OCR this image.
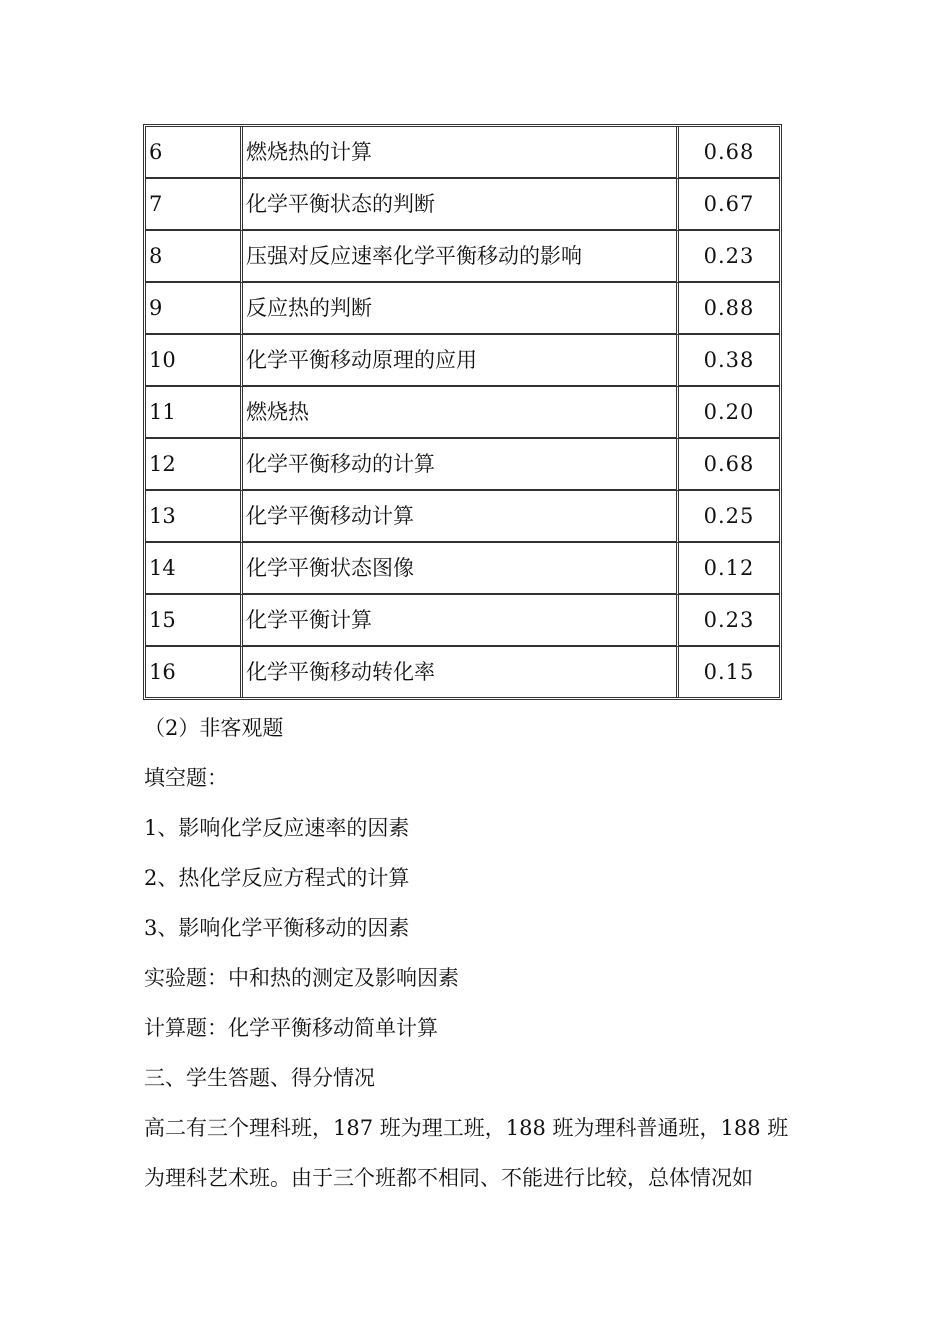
6	燃烧热的计算	0.68
7	化学平衡状态的判断	0.67
8	压强对反应速率化学平衡移动的影响	0.23
9	反应热的判断	0.88
10	化学平衡移动原理的应用	0.38
11	燃烧热	0.20
12	化学平衡移动的计算	0.68
13	化学平衡移动计算	0.25
14	化学平衡状态图像	0.12
15	化学平衡计算	0.23
16	化学平衡移动转化率	0.15
（2）非客观题
填空题：
1、影响化学反应速率的因素
2、热化学反应方程式的计算
3、影响化学平衡移动的因素
实验题：中和热的测定及影响因素
计算题：化学平衡移动简单计算
三、学生答题、得分情况
高二有三个理科班，187 班为理工班，188 班为理科普通班，188 班
为理科艺术班。由于三个班都不相同、不能进行比较，总体情况如
